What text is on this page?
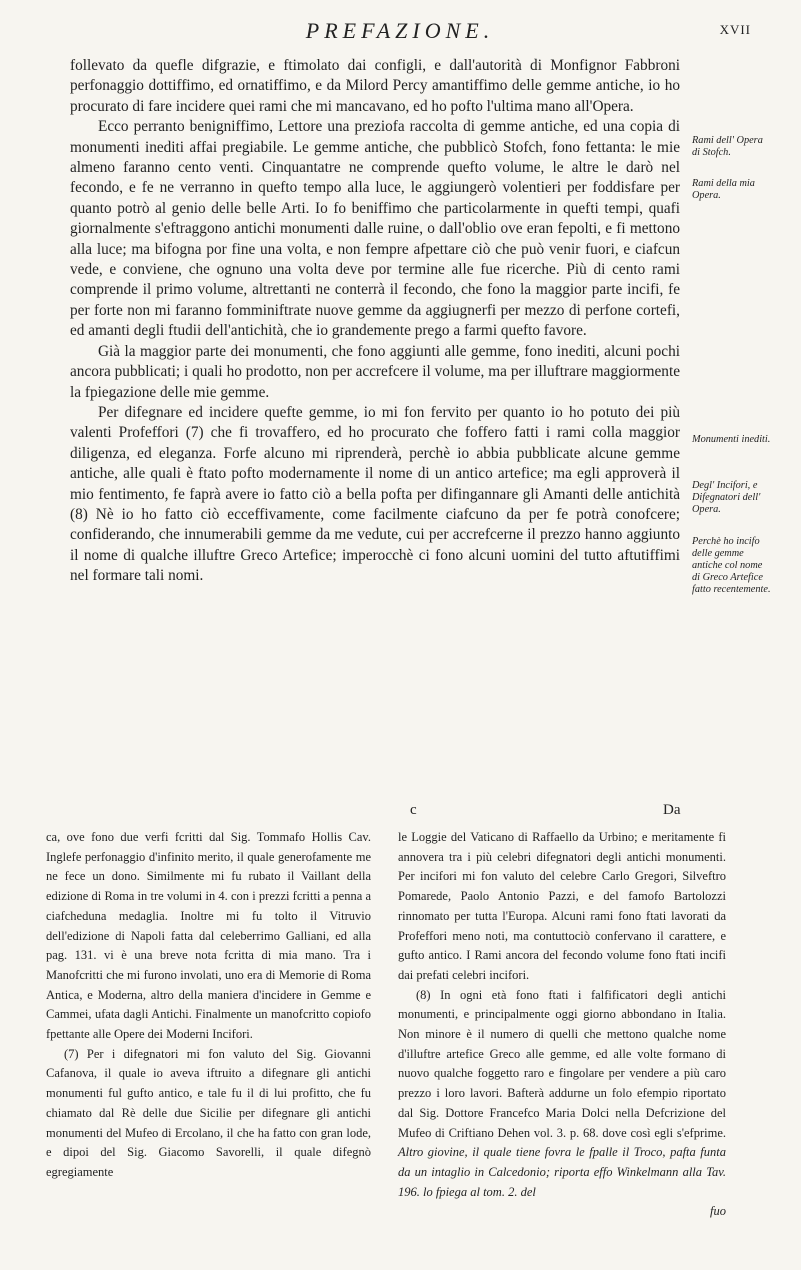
PREFAZIONE.	XVII

follevato da quefle difgrazie, e ftimolato dai configli, e dall'autorità di Monfignor Fabbroni perfonaggio dottiffimo, ed ornatiffimo, e da Milord Percy amantiffimo delle gemme antiche, io ho procurato di fare incidere quei rami che mi mancavano, ed ho pofto l'ultima mano all'Opera.

Ecco perranto benigniffimo, Lettore una preziofa raccolta di gemme antiche, ed una copia di monumenti inediti affai pregiabile. Le gemme antiche, che pubblicò Stofch, fono fettanta: le mie almeno faranno cento venti. Cinquantatre ne comprende quefto volume, le altre le darò nel fecondo, e fe ne verranno in quefto tempo alla luce, le aggiungerò volentieri per foddisfare per quanto potrò al genio delle belle Arti. Io fo beniffimo che particolarmente in quefti tempi, quafi giornalmente s'eftraggono antichi monumenti dalle ruine, o dall'oblio ove eran fepolti, e fi mettono alla luce; ma bifogna por fine una volta, e non fempre afpettare ciò che può venir fuori, e ciafcun vede, e conviene, che ognuno una volta deve por termine alle fue ricerche. Più di cento rami comprende il primo volume, altrettanti ne conterrà il fecondo, che fono la maggior parte incifi, fe per forte non mi faranno fomminiftrate nuove gemme da aggiugnerfi per mezzo di perfone cortefi, ed amanti degli ftudii dell'antichità, che io grandemente prego a farmi quefto favore.

Già la maggior parte dei monumenti, che fono aggiunti alle gemme, fono inediti, alcuni pochi ancora pubblicati; i quali ho prodotto, non per accrefcere il volume, ma per illuftrare maggiormente la fpiegazione delle mie gemme.

Per difegnare ed incidere quefte gemme, io mi fon fervito per quanto io ho potuto dei più valenti Profeffori (7) che fi trovaffero, ed ho procurato che foffero fatti i rami colla maggior diligenza, ed eleganza. Forfe alcuno mi riprenderà, perchè io abbia pubblicate alcune gemme antiche, alle quali è ftato pofto modernamente il nome di un antico artefice; ma egli approverà il mio fentimento, fe faprà avere io fatto ciò a bella pofta per difingannare gli Amanti delle antichità (8) Nè io ho fatto ciò ecceffivamente, come facilmente ciafcuno da per fe potrà conofcere; confiderando, che innumerabili gemme da me vedute, cui per accrefcerne il prezzo hanno aggiunto il nome di qualche illuftre Greco Artefice; imperocchè ci fono alcuni uomini del tutto aftutiffimi nel formare tali nomi.

Rami dell' Opera di Stofch.
Rami della mia Opera.
Monumenti inediti.
Degl' Incifori, e Difegnatori dell' Opera.
Perchè ho incifo delle gemme antiche col nome di Greco Artefice fatto recentemente.
c	Da

ca, ove fono due verfi fcritti dal Sig. Tommafo Hollis Cav. Inglefe perfonaggio d'infinito merito, il quale generofamente me ne fece un dono. Similmente mi fu rubato il Vaillant della edizione di Roma in tre volumi in 4. con i prezzi fcritti a penna a ciafcheduna medaglia. Inoltre mi fu tolto il Vitruvio dell'edizione di Napoli fatta dal celeberrimo Galliani, ed alla pag. 131. vi è una breve nota fcritta di mia mano. Tra i Manofcritti che mi furono involati, uno era di Memorie di Roma Antica, e Moderna, altro della maniera d'incidere in Gemme e Cammei, ufata dagli Antichi. Finalmente un manofcritto copiofo fpettante alle Opere dei Moderni Incifori.

(7) Per i difegnatori mi fon valuto del Sig. Giovanni Cafanova, il quale io aveva iftruito a difegnare gli antichi monumenti ful gufto antico, e tale fu il di lui profitto, che fu chiamato dal Rè delle due Sicilie per difegnare gli antichi monumenti del Mufeo di Ercolano, il che ha fatto con gran lode, e dipoi del Sig. Giacomo Savorelli, il quale difegnò egregiamente

le Loggie del Vaticano di Raffaello da Urbino; e meritamente fi annovera tra i più celebri difegnatori degli antichi monumenti. Per incifori mi fon valuto del celebre Carlo Gregori, Silveftro Pomarede, Paolo Antonio Pazzi, e del famofo Bartolozzi rinnomato per tutta l'Europa. Alcuni rami fono ftati lavorati da Profeffori meno noti, ma contuttociò confervano il carattere, e gufto antico. I Rami ancora del fecondo volume fono ftati incifi dai prefati celebri incifori.

(8) In ogni età fono ftati i falfificatori degli antichi monumenti, e principalmente oggi giorno abbondano in Italia. Non minore è il numero di quelli che mettono qualche nome d'illuftre artefice Greco alle gemme, ed alle volte formano di nuovo qualche foggetto raro e fingolare per vendere a più caro prezzo i loro lavori. Bafterà addurne un folo efempio riportato dal Sig. Dottore Francefco Maria Dolci nella Defcrizione del Mufeo di Criftiano Dehen vol. 3. p. 68. dove così egli s'efprime. Altro giovine, il quale tiene fovra le fpalle il Troco, pafta funta da un intaglio in Calcedonio; riporta effo Winkelmann alla Tav. 196. lo fpiega al tom. 2. del

fuo
